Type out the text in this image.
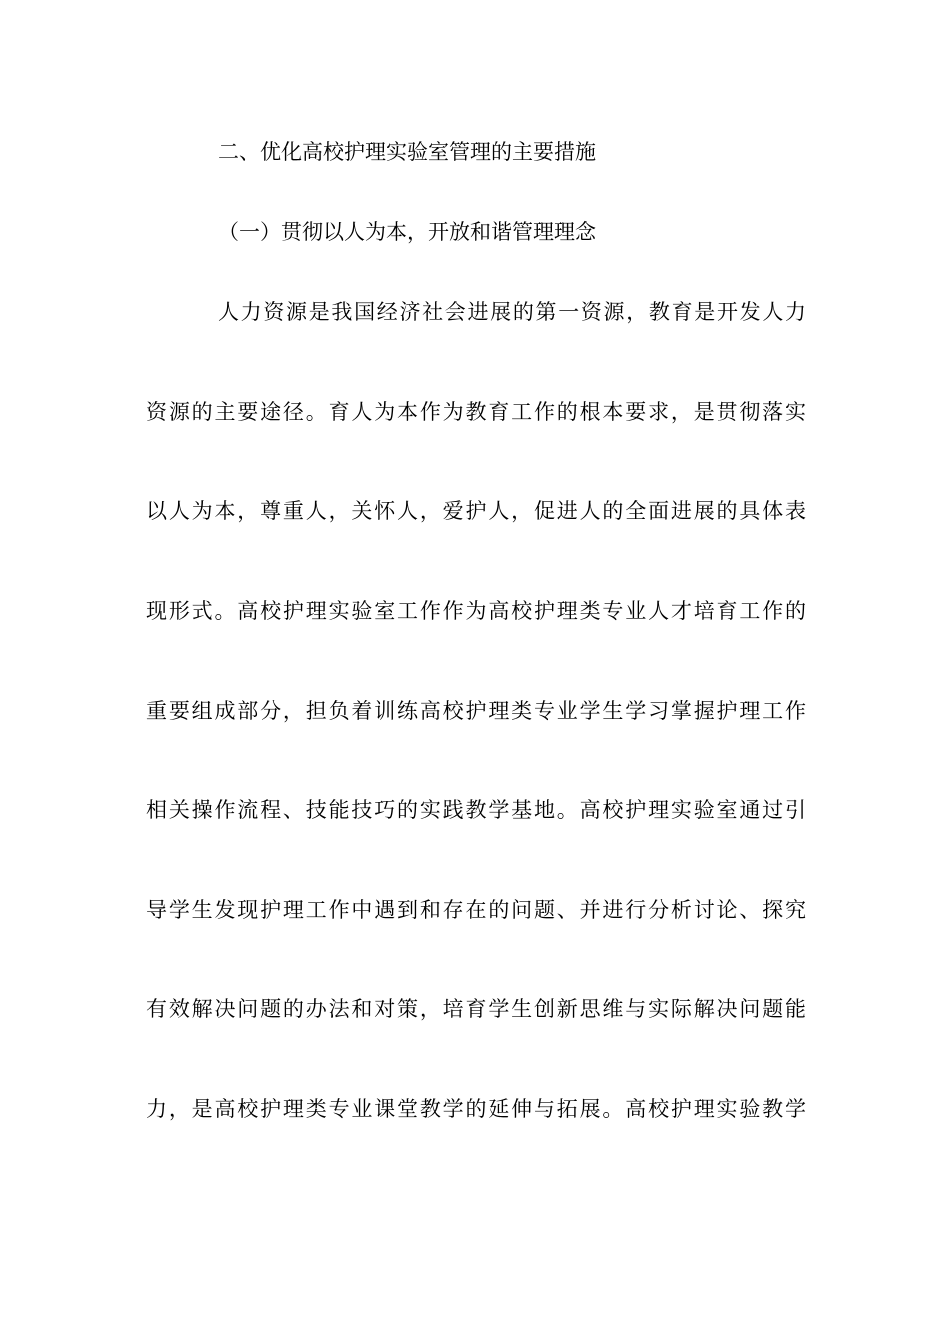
二、优化高校护理实验室管理的主要措施
（一）贯彻以人为本，开放和谐管理理念
人力资源是我国经济社会进展的第一资源，教育是开发人力
资源的主要途径。育人为本作为教育工作的根本要求，是贯彻落实
以人为本，尊重人，关怀人，爱护人，促进人的全面进展的具体表
现形式。高校护理实验室工作作为高校护理类专业人才培育工作的
重要组成部分，担负着训练高校护理类专业学生学习掌握护理工作
相关操作流程、技能技巧的实践教学基地。高校护理实验室通过引
导学生发现护理工作中遇到和存在的问题、并进行分析讨论、探究
有效解决问题的办法和对策，培育学生创新思维与实际解决问题能
力，是高校护理类专业课堂教学的延伸与拓展。高校护理实验教学
